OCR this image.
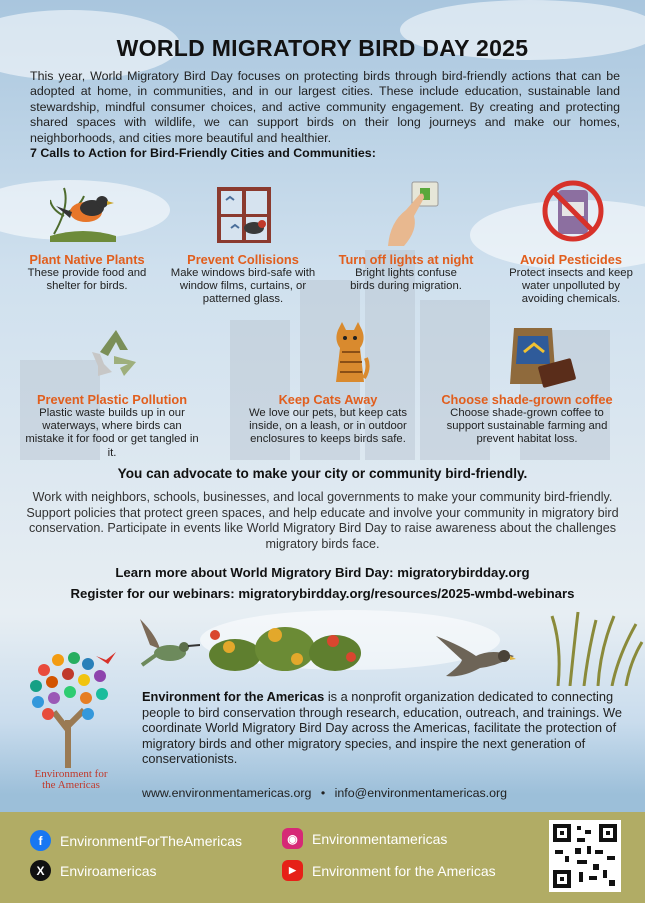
WORLD MIGRATORY BIRD DAY 2025
This year, World Migratory Bird Day focuses on protecting birds through bird-friendly actions that can be adopted at home, in communities, and in our largest cities. These include education, sustainable land stewardship, mindful consumer choices, and active community engagement. By creating and protecting shared spaces with wildlife, we can support birds on their long journeys and make our homes, neighborhoods, and cities more beautiful and healthier.
7 Calls to Action for Bird-Friendly Cities and Communities:
Plant Native Plants
These provide food and shelter for birds.
Prevent Collisions
Make windows bird-safe with window films, curtains, or patterned glass.
Turn off lights at night
Bright lights confuse birds during migration.
Avoid Pesticides
Protect insects and keep water unpolluted by avoiding chemicals.
Prevent Plastic Pollution
Plastic waste builds up in our waterways, where birds can mistake it for food or get tangled in it.
Keep Cats Away
We love our pets, but keep cats inside, on a leash, or in outdoor enclosures to keeps birds safe.
Choose shade-grown coffee
Choose shade-grown coffee to support sustainable farming and prevent habitat loss.
You can advocate to make your city or community bird-friendly.
Work with neighbors, schools, businesses, and local governments to make your community bird-friendly. Support policies that protect green spaces, and help educate and involve your community in migratory bird conservation. Participate in events like World Migratory Bird Day to raise awareness about the challenges migratory birds face.
Learn more about World Migratory Bird Day: migratorybirdday.org
Register for our webinars: migratorybirdday.org/resources/2025-wmbd-webinars
Environment for the Americas
Environment for the Americas is a nonprofit organization dedicated to connecting people to bird conservation through research, education, outreach, and trainings. We coordinate World Migratory Bird Day across the Americas, facilitate the protection of migratory birds and other migratory species, and inspire the next generation of conservationists.
www.environmentamericas.org • info@environmentamericas.org
f	EnvironmentForTheAmericas
X	Enviroamericas
◉	Environmentamericas
▶	Environment for the Americas
